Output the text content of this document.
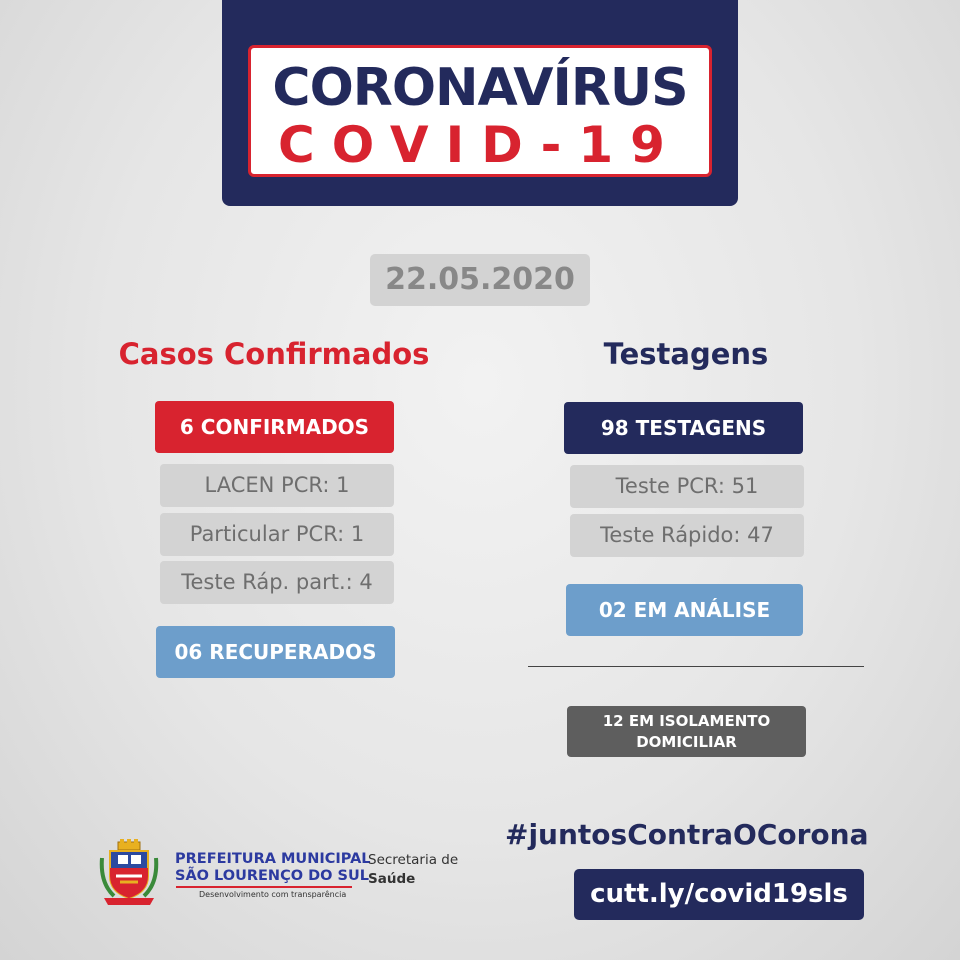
CORONAVÍRUS
COVID-19
22.05.2020
Casos Confirmados
6 CONFIRMADOS
LACEN PCR: 1
Particular PCR: 1
Teste Ráp. part.: 4
06 RECUPERADOS
Testagens
98 TESTAGENS
Teste PCR: 51
Teste Rápido: 47
02 EM ANÁLISE
12 EM ISOLAMENTO
DOMICILIAR
#juntosContraOCorona
cutt.ly/covid19sls
PREFEITURA MUNICIPAL
SÃO LOURENÇO DO SUL
Desenvolvimento com transparência
Secretaria de
Saúde
